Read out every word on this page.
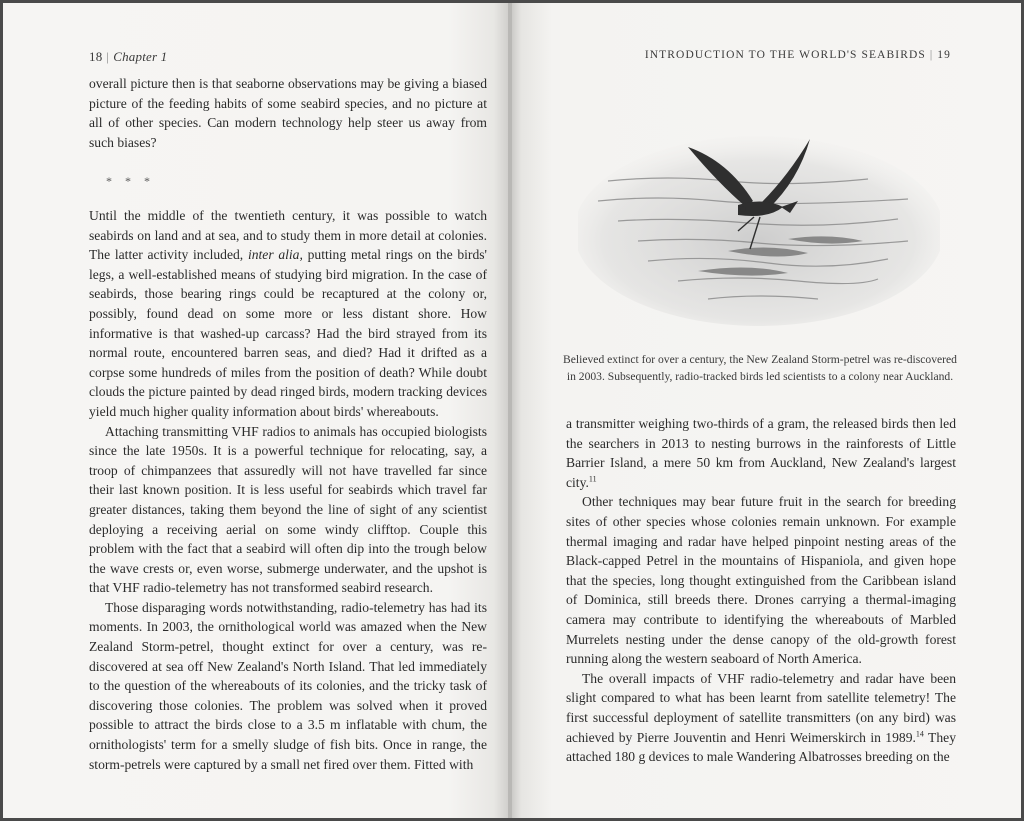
18 | Chapter 1	INTRODUCTION TO THE WORLD'S SEABIRDS | 19

overall picture then is that seaborne observations may be giving a biased picture of the feeding habits of some seabird species, and no picture at all of other species. Can modern technology help steer us away from such biases?

* * *

Until the middle of the twentieth century, it was possible to watch seabirds on land and at sea, and to study them in more detail at colonies. The latter activity included, inter alia, putting metal rings on the birds' legs, a well-established means of studying bird migration. In the case of seabirds, those bearing rings could be recaptured at the colony or, possibly, found dead on some more or less distant shore. How informative is that washed-up carcass? Had the bird strayed from its normal route, encountered barren seas, and died? Had it drifted as a corpse some hundreds of miles from the position of death? While doubt clouds the picture painted by dead ringed birds, modern tracking devices yield much higher quality information about birds' whereabouts.

Attaching transmitting VHF radios to animals has occupied biologists since the late 1950s. It is a powerful technique for relocating, say, a troop of chimpanzees that assuredly will not have travelled far since their last known position. It is less useful for seabirds which travel far greater distances, taking them beyond the line of sight of any scientist deploying a receiving aerial on some windy clifftop. Couple this problem with the fact that a seabird will often dip into the trough below the wave crests or, even worse, submerge underwater, and the upshot is that VHF radio-telemetry has not transformed seabird research.

Those disparaging words notwithstanding, radio-telemetry has had its moments. In 2003, the ornithological world was amazed when the New Zealand Storm-petrel, thought extinct for over a century, was re-discovered at sea off New Zealand's North Island. That led immediately to the question of the whereabouts of its colonies, and the tricky task of discovering those colonies. The problem was solved when it proved possible to attract the birds close to a 3.5 m inflatable with chum, the ornithologists' term for a smelly sludge of fish bits. Once in range, the storm-petrels were captured by a small net fired over them. Fitted with

Believed extinct for over a century, the New Zealand Storm-petrel was re-discovered in 2003. Subsequently, radio-tracked birds led scientists to a colony near Auckland.

a transmitter weighing two-thirds of a gram, the released birds then led the searchers in 2013 to nesting burrows in the rainforests of Little Barrier Island, a mere 50 km from Auckland, New Zealand's largest city.$^{11}$

Other techniques may bear future fruit in the search for breeding sites of other species whose colonies remain unknown. For example thermal imaging and radar have helped pinpoint nesting areas of the Black-capped Petrel in the mountains of Hispaniola, and given hope that the species, long thought extinguished from the Caribbean island of Dominica, still breeds there. Drones carrying a thermal-imaging camera may contribute to identifying the whereabouts of Marbled Murrelets nesting under the dense canopy of the old-growth forest running along the western seaboard of North America.

The overall impacts of VHF radio-telemetry and radar have been slight compared to what has been learnt from satellite telemetry! The first successful deployment of satellite transmitters (on any bird) was achieved by Pierre Jouventin and Henri Weimerskirch in 1989.14 They attached 180 g devices to male Wandering Albatrosses breeding on the
